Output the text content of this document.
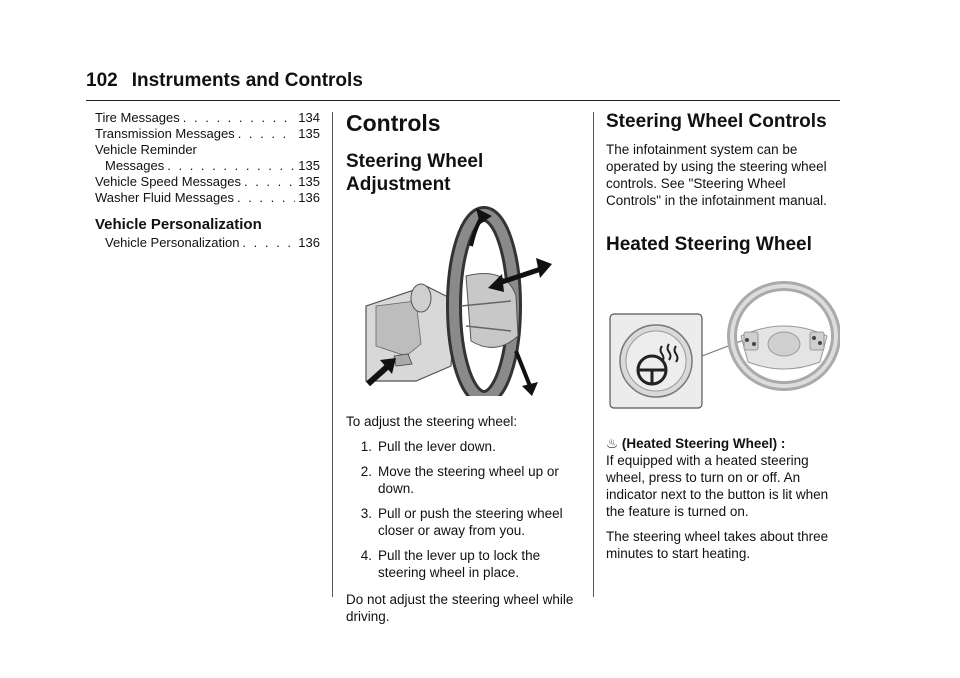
102 Instruments and Controls
Tire Messages . . .	134
Transmission Messages . . .	135
Vehicle Reminder
Messages . . .	135
Vehicle Speed Messages . . .	135
Washer Fluid Messages . . .	136
Vehicle Personalization
Vehicle Personalization . . .	136
Controls
Steering Wheel
Adjustment

To adjust the steering wheel:

1. Pull the lever down.
2. Move the steering wheel up or down.
3. Pull or push the steering wheel closer or away from you.
4. Pull the lever up to lock the steering wheel in place.

Do not adjust the steering wheel while driving.

Steering Wheel Controls

The infotainment system can be operated by using the steering wheel controls. See "Steering Wheel Controls" in the infotainment manual.

Heated Steering Wheel

♨ (Heated Steering Wheel) :
If equipped with a heated steering wheel, press to turn on or off. An indicator next to the button is lit when the feature is turned on.

The steering wheel takes about three minutes to start heating.
